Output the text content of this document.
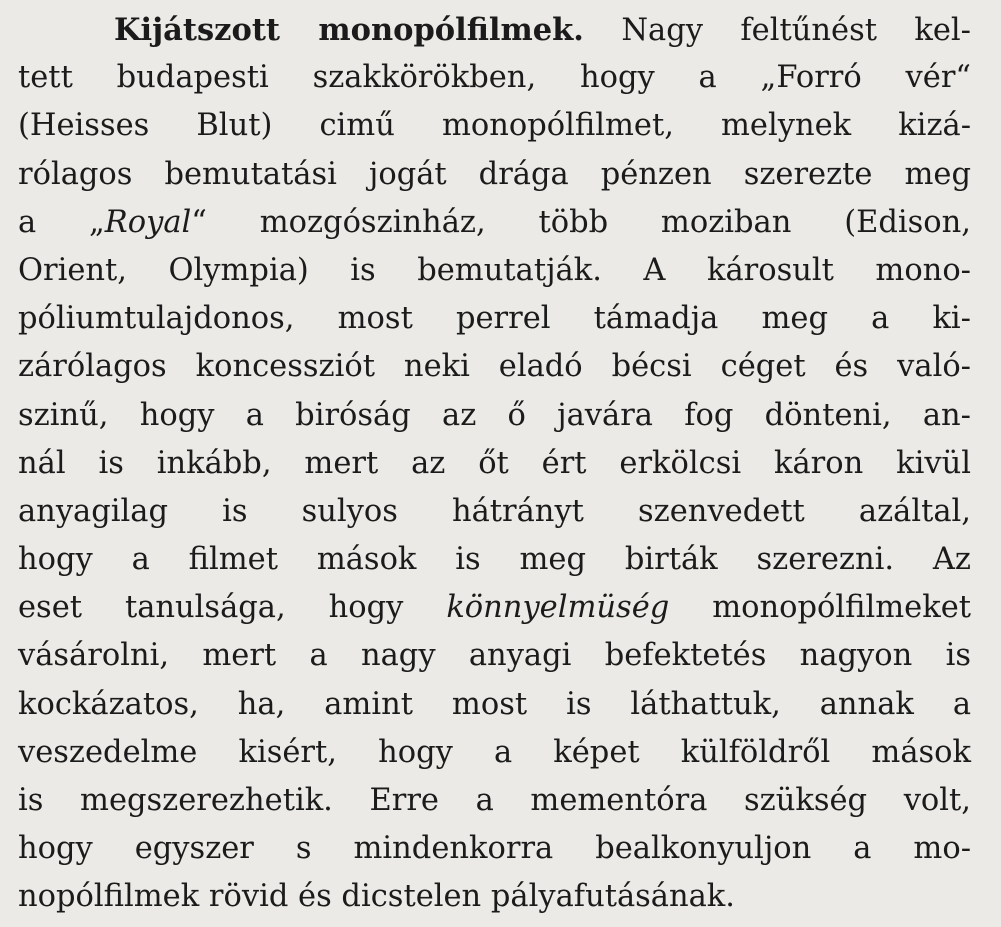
Kijátszott monopólfilmek. Nagy feltűnést kel-
tett budapesti szakkörökben, hogy a „Forró vér“
(Heisses Blut) cimű monopólfilmet, melynek kizá-
rólagos bemutatási jogát drága pénzen szerezte meg
a „Royal“ mozgószinház, több moziban (Edison,
Orient, Olympia) is bemutatják. A károsult mono-
póliumtulajdonos, most perrel támadja meg a ki-
zárólagos koncessziót neki eladó bécsi céget és való-
szinű, hogy a biróság az ő javára fog dönteni, an-
nál is inkább, mert az őt ért erkölcsi káron kivül
anyagilag is sulyos hátrányt szenvedett azáltal,
hogy a filmet mások is meg birták szerezni. Az
eset tanulsága, hogy könnyelmüség monopólfilmeket
vásárolni, mert a nagy anyagi befektetés nagyon is
kockázatos, ha, amint most is láthattuk, annak a
veszedelme kisért, hogy a képet külföldről mások
is megszerezhetik. Erre a mementóra szükség volt,
hogy egyszer s mindenkorra bealkonyuljon a mo-
nopólfilmek rövid és dicstelen pályafutásának.
